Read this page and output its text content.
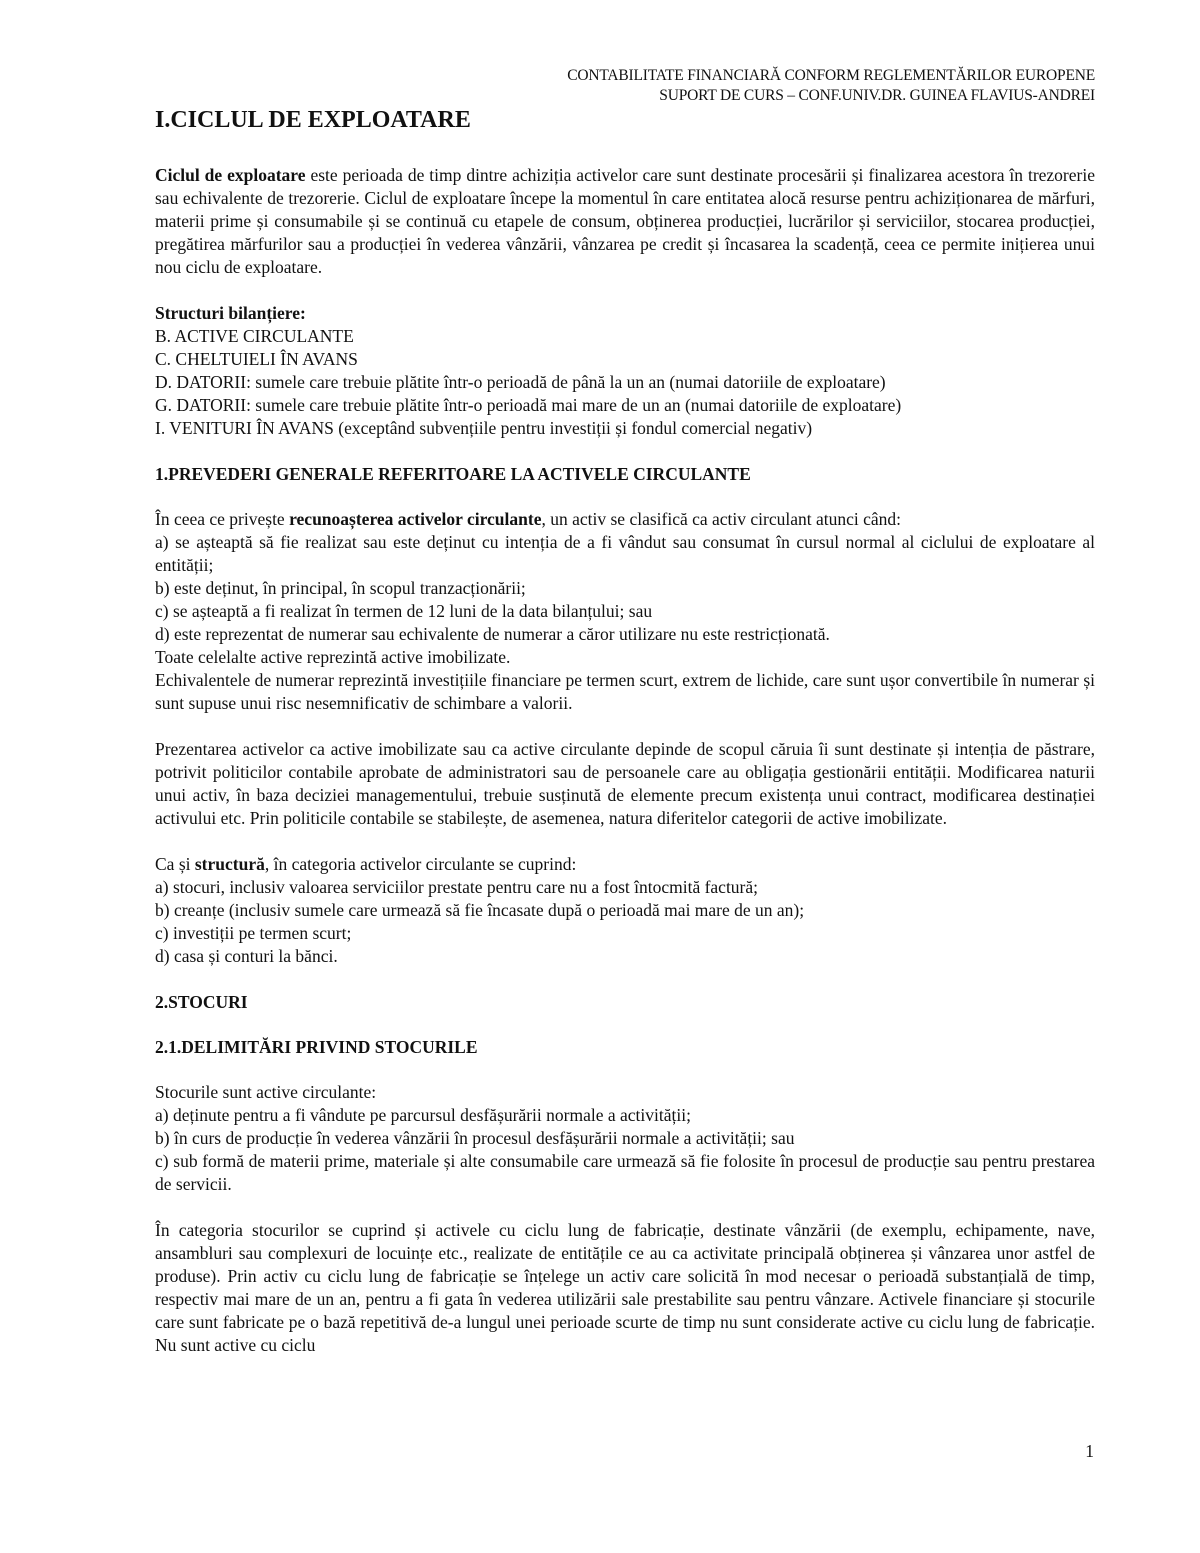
CONTABILITATE FINANCIARĂ CONFORM REGLEMENTĂRILOR EUROPENE
SUPORT DE CURS – CONF.UNIV.DR. GUINEA FLAVIUS-ANDREI
I.CICLUL DE EXPLOATARE

Ciclul de exploatare este perioada de timp dintre achiziția activelor care sunt destinate procesării și finalizarea acestora în trezorerie sau echivalente de trezorerie. Ciclul de exploatare începe la momentul în care entitatea alocă resurse pentru achiziționarea de mărfuri, materii prime și consumabile și se continuă cu etapele de consum, obținerea producției, lucrărilor și serviciilor, stocarea producției, pregătirea mărfurilor sau a producției în vederea vânzării, vânzarea pe credit și încasarea la scadență, ceea ce permite inițierea unui nou ciclu de exploatare.

Structuri bilanțiere:
B. ACTIVE CIRCULANTE
C. CHELTUIELI ÎN AVANS
D. DATORII: sumele care trebuie plătite într-o perioadă de până la un an (numai datoriile de exploatare)
G. DATORII: sumele care trebuie plătite într-o perioadă mai mare de un an (numai datoriile de exploatare)
I. VENITURI ÎN AVANS (exceptând subvențiile pentru investiții și fondul comercial negativ)
1.PREVEDERI GENERALE REFERITOARE LA ACTIVELE CIRCULANTE

În ceea ce privește recunoașterea activelor circulante, un activ se clasifică ca activ circulant atunci când:

a) se așteaptă să fie realizat sau este deținut cu intenția de a fi vândut sau consumat în cursul normal al ciclului de exploatare al entității;

b) este deținut, în principal, în scopul tranzacționării;

c) se așteaptă a fi realizat în termen de 12 luni de la data bilanțului; sau

d) este reprezentat de numerar sau echivalente de numerar a căror utilizare nu este restricționată.

Toate celelalte active reprezintă active imobilizate.

Echivalentele de numerar reprezintă investițiile financiare pe termen scurt, extrem de lichide, care sunt ușor convertibile în numerar și sunt supuse unui risc nesemnificativ de schimbare a valorii.

Prezentarea activelor ca active imobilizate sau ca active circulante depinde de scopul căruia îi sunt destinate și intenția de păstrare, potrivit politicilor contabile aprobate de administratori sau de persoanele care au obligația gestionării entității. Modificarea naturii unui activ, în baza deciziei managementului, trebuie susținută de elemente precum existența unui contract, modificarea destinației activului etc. Prin politicile contabile se stabilește, de asemenea, natura diferitelor categorii de active imobilizate.

Ca și structură, în categoria activelor circulante se cuprind:

a) stocuri, inclusiv valoarea serviciilor prestate pentru care nu a fost întocmită factură;

b) creanțe (inclusiv sumele care urmează să fie încasate după o perioadă mai mare de un an);

c) investiții pe termen scurt;

d) casa și conturi la bănci.

2.STOCURI
2.1.DELIMITĂRI PRIVIND STOCURILE

Stocurile sunt active circulante:

a) deținute pentru a fi vândute pe parcursul desfășurării normale a activității;

b) în curs de producție în vederea vânzării în procesul desfășurării normale a activității; sau

c) sub formă de materii prime, materiale și alte consumabile care urmează să fie folosite în procesul de producție sau pentru prestarea de servicii.

În categoria stocurilor se cuprind și activele cu ciclu lung de fabricație, destinate vânzării (de exemplu, echipamente, nave, ansambluri sau complexuri de locuințe etc., realizate de entitățile ce au ca activitate principală obținerea și vânzarea unor astfel de produse). Prin activ cu ciclu lung de fabricație se înțelege un activ care solicită în mod necesar o perioadă substanțială de timp, respectiv mai mare de un an, pentru a fi gata în vederea utilizării sale prestabilite sau pentru vânzare. Activele financiare și stocurile care sunt fabricate pe o bază repetitivă de-a lungul unei perioade scurte de timp nu sunt considerate active cu ciclu lung de fabricație. Nu sunt active cu ciclu

1
